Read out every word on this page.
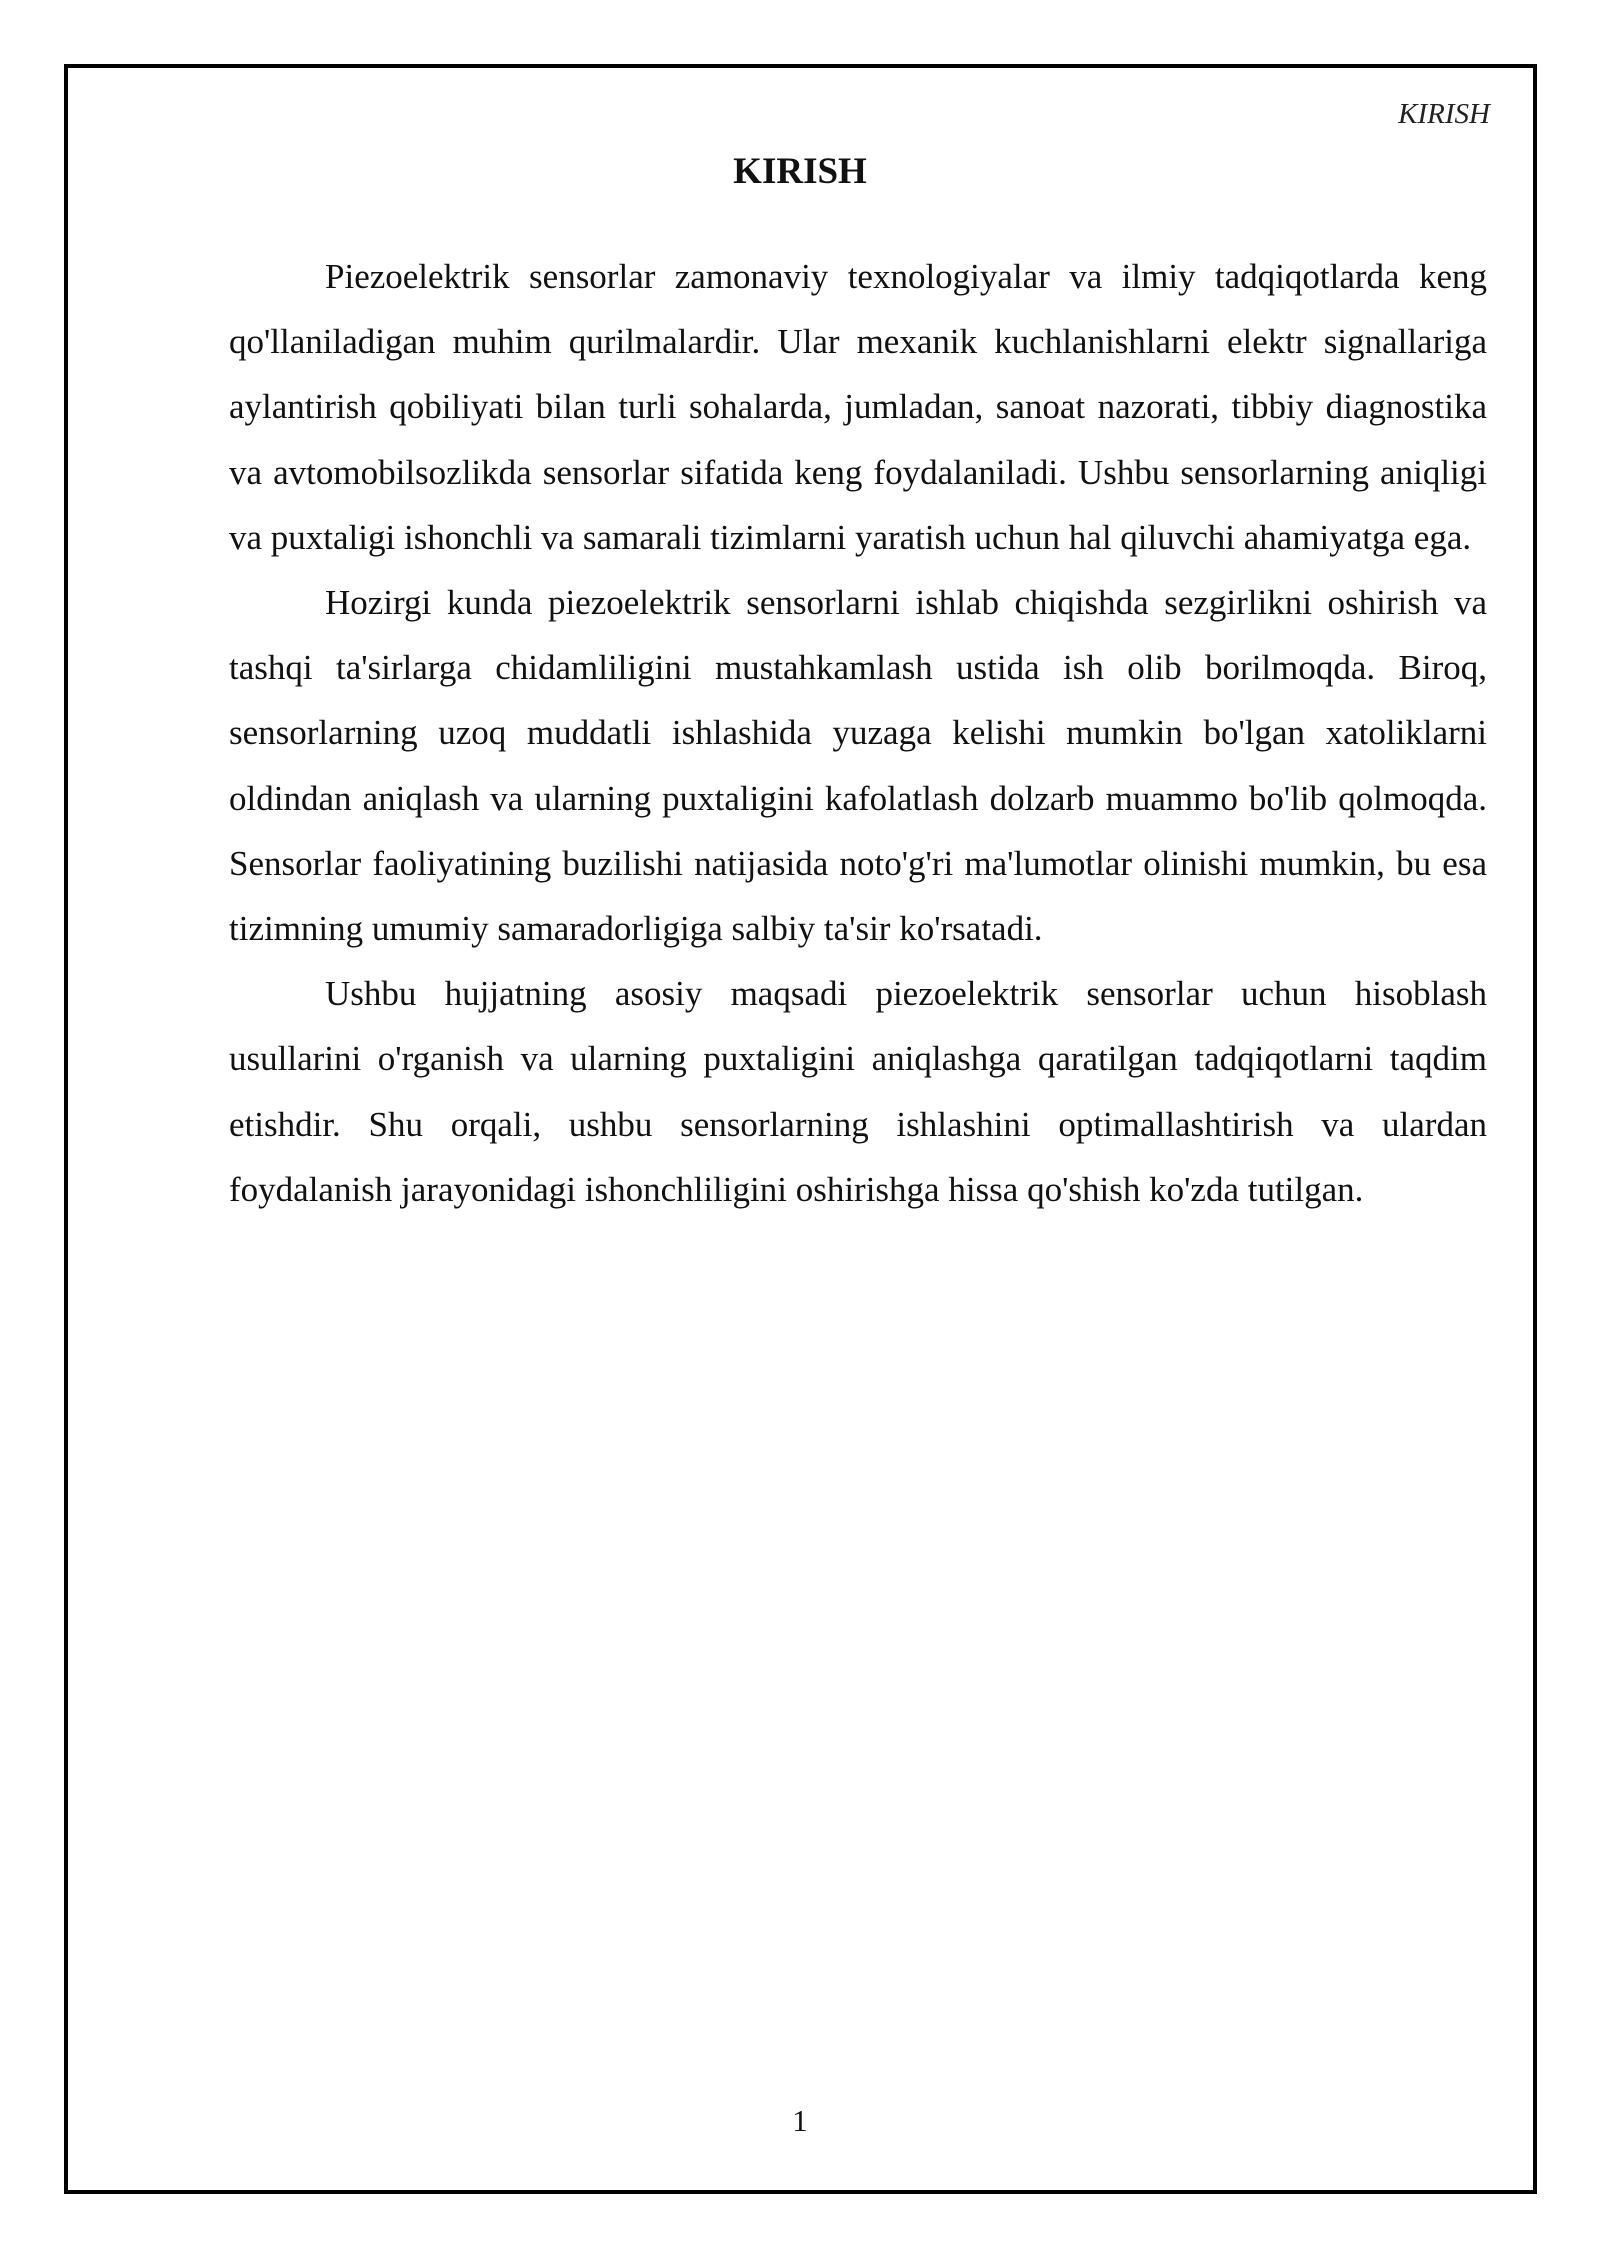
KIRISH
KIRISH

Piezoelektrik sensorlar zamonaviy texnologiyalar va ilmiy tadqiqotlarda keng qo'llaniladigan muhim qurilmalardir. Ular mexanik kuchlanishlarni elektr signallariga aylantirish qobiliyati bilan turli sohalarda, jumladan, sanoat nazorati, tibbiy diagnostika va avtomobilsozlikda sensorlar sifatida keng foydalaniladi. Ushbu sensorlarning aniqligi va puxtaligi ishonchli va samarali tizimlarni yaratish uchun hal qiluvchi ahamiyatga ega.

Hozirgi kunda piezoelektrik sensorlarni ishlab chiqishda sezgirlikni oshirish va tashqi ta'sirlarga chidamliligini mustahkamlash ustida ish olib borilmoqda. Biroq, sensorlarning uzoq muddatli ishlashida yuzaga kelishi mumkin bo'lgan xatoliklarni oldindan aniqlash va ularning puxtaligini kafolatlash dolzarb muammo bo'lib qolmoqda. Sensorlar faoliyatining buzilishi natijasida noto'g'ri ma'lumotlar olinishi mumkin, bu esa tizimning umumiy samaradorligiga salbiy ta'sir ko'rsatadi.

Ushbu hujjatning asosiy maqsadi piezoelektrik sensorlar uchun hisoblash usullarini o'rganish va ularning puxtaligini aniqlashga qaratilgan tadqiqotlarni taqdim etishdir. Shu orqali, ushbu sensorlarning ishlashini optimallashtirish va ulardan foydalanish jarayonidagi ishonchliligini oshirishga hissa qo'shish ko'zda tutilgan.

1
